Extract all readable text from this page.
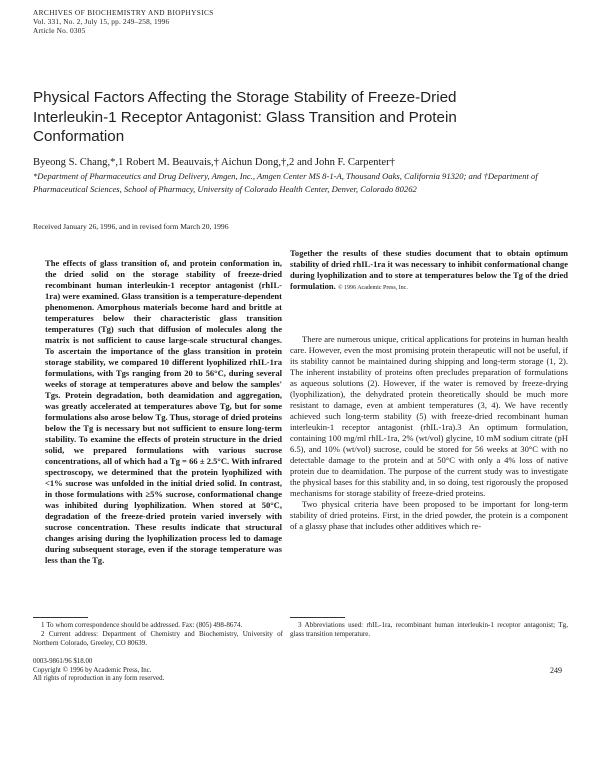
ARCHIVES OF BIOCHEMISTRY AND BIOPHYSICS
Vol. 331, No. 2, July 15, pp. 249–258, 1996
Article No. 0305
Physical Factors Affecting the Storage Stability of Freeze-Dried Interleukin-1 Receptor Antagonist: Glass Transition and Protein Conformation
Byeong S. Chang,*,1 Robert M. Beauvais,† Aichun Dong,†,2 and John F. Carpenter†
*Department of Pharmaceutics and Drug Delivery, Amgen, Inc., Amgen Center MS 8-1-A, Thousand Oaks, California 91320; and †Department of Pharmaceutical Sciences, School of Pharmacy, University of Colorado Health Center, Denver, Colorado 80262
Received January 26, 1996, and in revised form March 20, 1996
The effects of glass transition of, and protein conformation in, the dried solid on the storage stability of freeze-dried recombinant human interleukin-1 receptor antagonist (rhIL-1ra) were examined. Glass transition is a temperature-dependent phenomenon. Amorphous materials become hard and brittle at temperatures below their characteristic glass transition temperatures (Tg) such that diffusion of molecules along the matrix is not sufficient to cause large-scale structural changes. To ascertain the importance of the glass transition in protein storage stability, we compared 10 different lyophilized rhIL-1ra formulations, with Tgs ranging from 20 to 56°C, during several weeks of storage at temperatures above and below the samples' Tgs. Protein degradation, both deamidation and aggregation, was greatly accelerated at temperatures above Tg, but for some formulations also arose below Tg. Thus, storage of dried proteins below the Tg is necessary but not sufficient to ensure long-term stability. To examine the effects of protein structure in the dried solid, we prepared formulations with various sucrose concentrations, all of which had a Tg = 66 ± 2.5°C. With infrared spectroscopy, we determined that the protein lyophilized with <1% sucrose was unfolded in the initial dried solid. In contrast, in those formulations with ≥5% sucrose, conformational change was inhibited during lyophilization. When stored at 50°C, degradation of the freeze-dried protein varied inversely with sucrose concentration. These results indicate that structural changes arising during the lyophilization process led to damage during subsequent storage, even if the storage temperature was less than the Tg.
Together the results of these studies document that to obtain optimum stability of dried rhIL-1ra it was necessary to inhibit conformational change during lyophilization and to store at temperatures below the Tg of the dried formulation. © 1996 Academic Press, Inc.

There are numerous unique, critical applications for proteins in human health care. However, even the most promising protein therapeutic will not be useful, if its stability cannot be maintained during shipping and long-term storage (1, 2). The inherent instability of proteins often precludes preparation of formulations as aqueous solutions (2). However, if the water is removed by freeze-drying (lyophilization), the dehydrated protein theoretically should be much more resistant to damage, even at ambient temperatures (3, 4). We have recently achieved such long-term stability (5) with freeze-dried recombinant human interleukin-1 receptor antagonist (rhIL-1ra).3 An optimum formulation, containing 100 mg/ml rhIL-1ra, 2% (wt/vol) glycine, 10 mM sodium citrate (pH 6.5), and 10% (wt/vol) sucrose, could be stored for 56 weeks at 30°C with no detectable damage to the protein and at 50°C with only a 4% loss of native protein due to deamidation. The purpose of the current study was to investigate the physical bases for this stability and, in so doing, test rigorously the proposed mechanisms for storage stability of freeze-dried proteins.

Two physical criteria have been proposed to be important for long-term stability of dried proteins. First, in the dried powder, the protein is a component of a glassy phase that includes other additives which re-

1 To whom correspondence should be addressed. Fax: (805) 498-8674.

2 Current address: Department of Chemistry and Biochemistry, University of Northern Colorado, Greeley, CO 80639.

3 Abbreviations used: rhIL-1ra, recombinant human interleukin-1 receptor antagonist; Tg, glass transition temperature.

0003-9861/96 $18.00
Copyright © 1996 by Academic Press, Inc.
All rights of reproduction in any form reserved.
249
